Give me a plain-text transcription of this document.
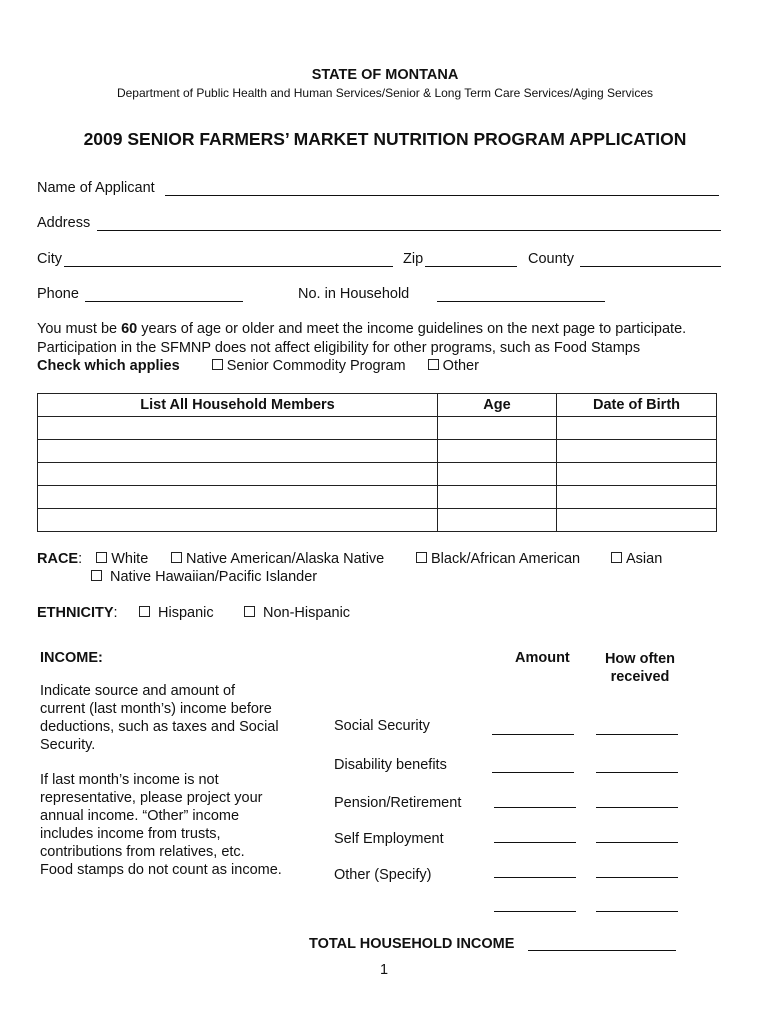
STATE OF MONTANA
Department of Public Health and Human Services/Senior & Long Term Care Services/Aging Services
2009 SENIOR FARMERS’ MARKET NUTRITION PROGRAM APPLICATION
Name of Applicant
Address
City	Zip	County
Phone	No. in Household
You must be 60 years of age or older and meet the income guidelines on the next page to participate.
Participation in the SFMNP does not affect eligibility for other programs, such as Food Stamps
Check which applies	Senior Commodity Program	Other
List All Household Members	Age	Date of Birth

RACE: White	Native American/Alaska Native	Black/African American	Asian
Native Hawaiian/Pacific Islander
ETHNICITY:	Hispanic	Non-Hispanic
INCOME:	Amount	How often
received
Indicate source and amount of
current (last month’s) income before
deductions, such as taxes and Social
Security.
If last month’s income is not
representative, please project your
annual income. “Other” income
includes income from trusts,
contributions from relatives, etc.
Food stamps do not count as income.
Social Security
Disability benefits
Pension/Retirement
Self Employment
Other (Specify)
TOTAL HOUSEHOLD INCOME
1
